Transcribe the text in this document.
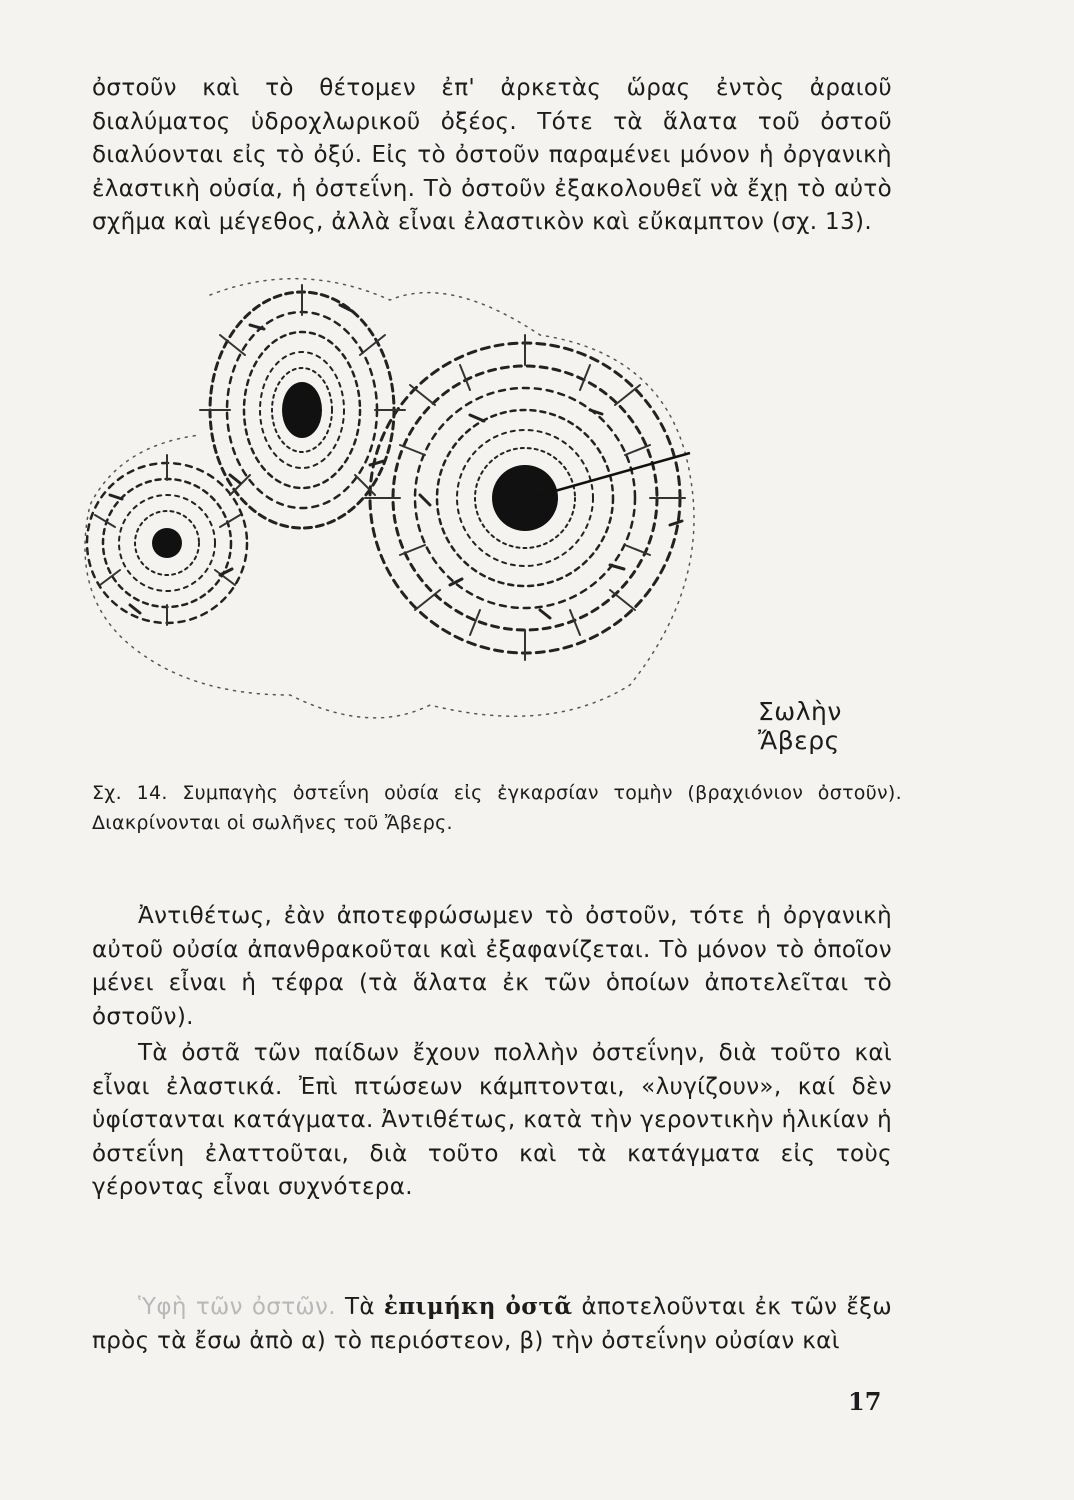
ὀστοῦν καὶ τὸ θέτομεν ἐπ' ἀρκετὰς ὥρας ἐντὸς ἀραιοῦ διαλύματος ὑδροχλωρικοῦ ὀξέος. Τότε τὰ ἅλατα τοῦ ὀστοῦ διαλύονται εἰς τὸ ὀξύ. Εἰς τὸ ὀστοῦν παραμένει μόνον ἡ ὀργανικὴ ἐλαστικὴ οὐσία, ἡ ὀστεΐνη. Τὸ ὀστοῦν ἐξακολουθεῖ νὰ ἔχῃ τὸ αὐτὸ σχῆμα καὶ μέγεθος, ἀλλὰ εἶναι ἐλαστικὸν καὶ εὔκαμπτον (σχ. 13).

Σωλὴν Ἄβερς

Σχ. 14. Συμπαγὴς ὀστεΐνη οὐσία εἰς ἐγκαρσίαν τομὴν (βραχιόνιον ὀστοῦν). Διακρίνονται οἱ σωλῆνες τοῦ Ἄβερς.

Ἀντιθέτως, ἐὰν ἀποτεφρώσωμεν τὸ ὀστοῦν, τότε ἡ ὀργανικὴ αὐτοῦ οὐσία ἀπανθρακοῦται καὶ ἐξαφανίζεται. Τὸ μόνον τὸ ὁποῖον μένει εἶναι ἡ τέφρα (τὰ ἅλατα ἐκ τῶν ὁποίων ἀποτελεῖται τὸ ὀστοῦν).

Τὰ ὀστᾶ τῶν παίδων ἔχουν πολλὴν ὀστεΐνην, διὰ τοῦτο καὶ εἶναι ἐλαστικά. Ἐπὶ πτώσεων κάμπτονται, «λυγίζουν», καί δὲν ὑφίστανται κατάγματα. Ἀντιθέτως, κατὰ τὴν γεροντικὴν ἡλικίαν ἡ ὀστεΐνη ἐλαττοῦται, διὰ τοῦτο καὶ τὰ κατάγματα εἰς τοὺς γέροντας εἶναι συχνότερα.

Ὑφὴ τῶν ὀστῶν. Τὰ ἐπιμήκη ὀστᾶ ἀποτελοῦνται ἐκ τῶν ἔξω πρὸς τὰ ἔσω ἀπὸ α) τὸ περιόστεον, β) τὴν ὀστεΐνην οὐσίαν καὶ

17
